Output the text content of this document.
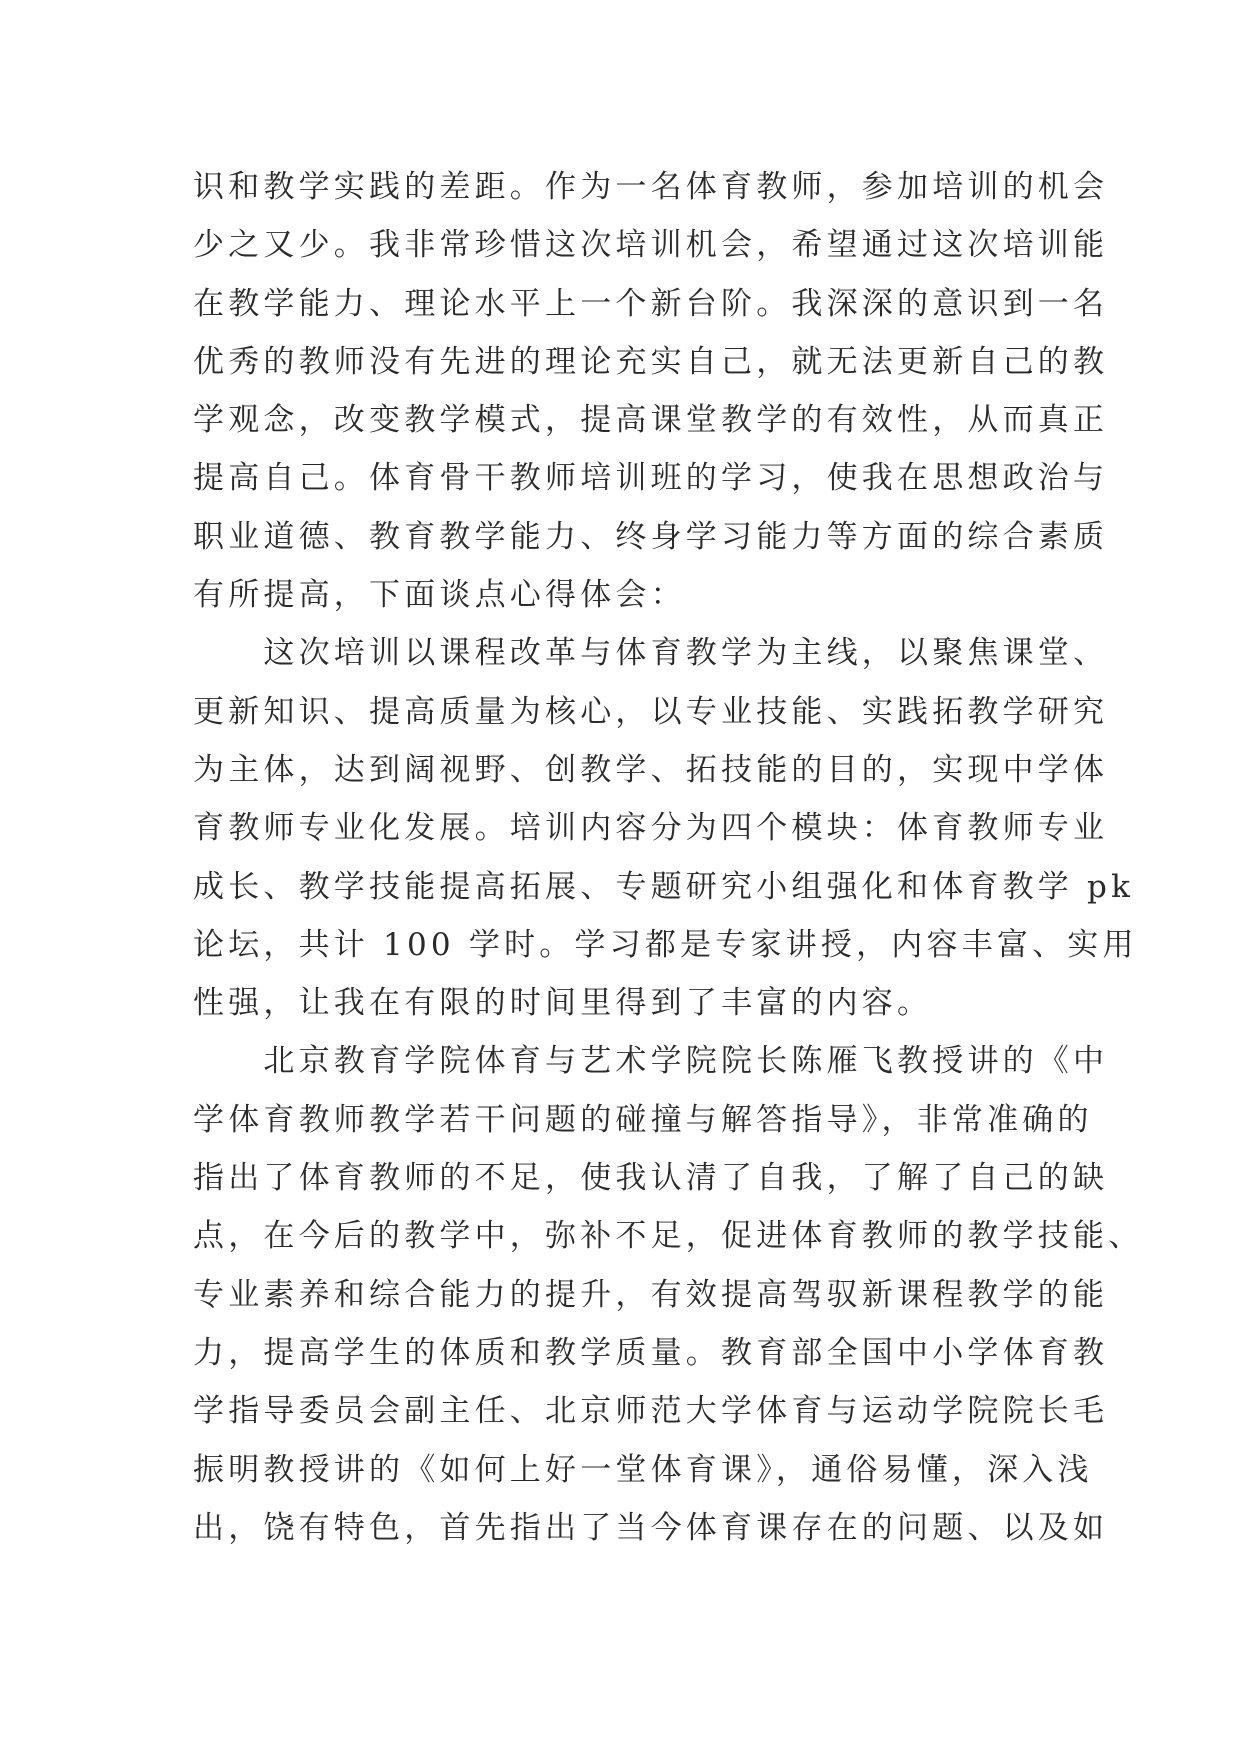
识和教学实践的差距。作为一名体育教师，参加培训的机会
少之又少。我非常珍惜这次培训机会，希望通过这次培训能
在教学能力、理论水平上一个新台阶。我深深的意识到一名
优秀的教师没有先进的理论充实自己，就无法更新自己的教
学观念，改变教学模式，提高课堂教学的有效性，从而真正
提高自己。体育骨干教师培训班的学习，使我在思想政治与
职业道德、教育教学能力、终身学习能力等方面的综合素质
有所提高，下面谈点心得体会：
　　这次培训以课程改革与体育教学为主线，以聚焦课堂、
更新知识、提高质量为核心，以专业技能、实践拓教学研究
为主体，达到阔视野、创教学、拓技能的目的，实现中学体
育教师专业化发展。培训内容分为四个模块：体育教师专业
成长、教学技能提高拓展、专题研究小组强化和体育教学 pk
论坛，共计 100 学时。学习都是专家讲授，内容丰富、实用
性强，让我在有限的时间里得到了丰富的内容。
　　北京教育学院体育与艺术学院院长陈雁飞教授讲的《中
学体育教师教学若干问题的碰撞与解答指导》，非常准确的
指出了体育教师的不足，使我认清了自我，了解了自己的缺
点，在今后的教学中，弥补不足，促进体育教师的教学技能、
专业素养和综合能力的提升，有效提高驾驭新课程教学的能
力，提高学生的体质和教学质量。教育部全国中小学体育教
学指导委员会副主任、北京师范大学体育与运动学院院长毛
振明教授讲的《如何上好一堂体育课》，通俗易懂，深入浅
出，饶有特色，首先指出了当今体育课存在的问题、以及如
